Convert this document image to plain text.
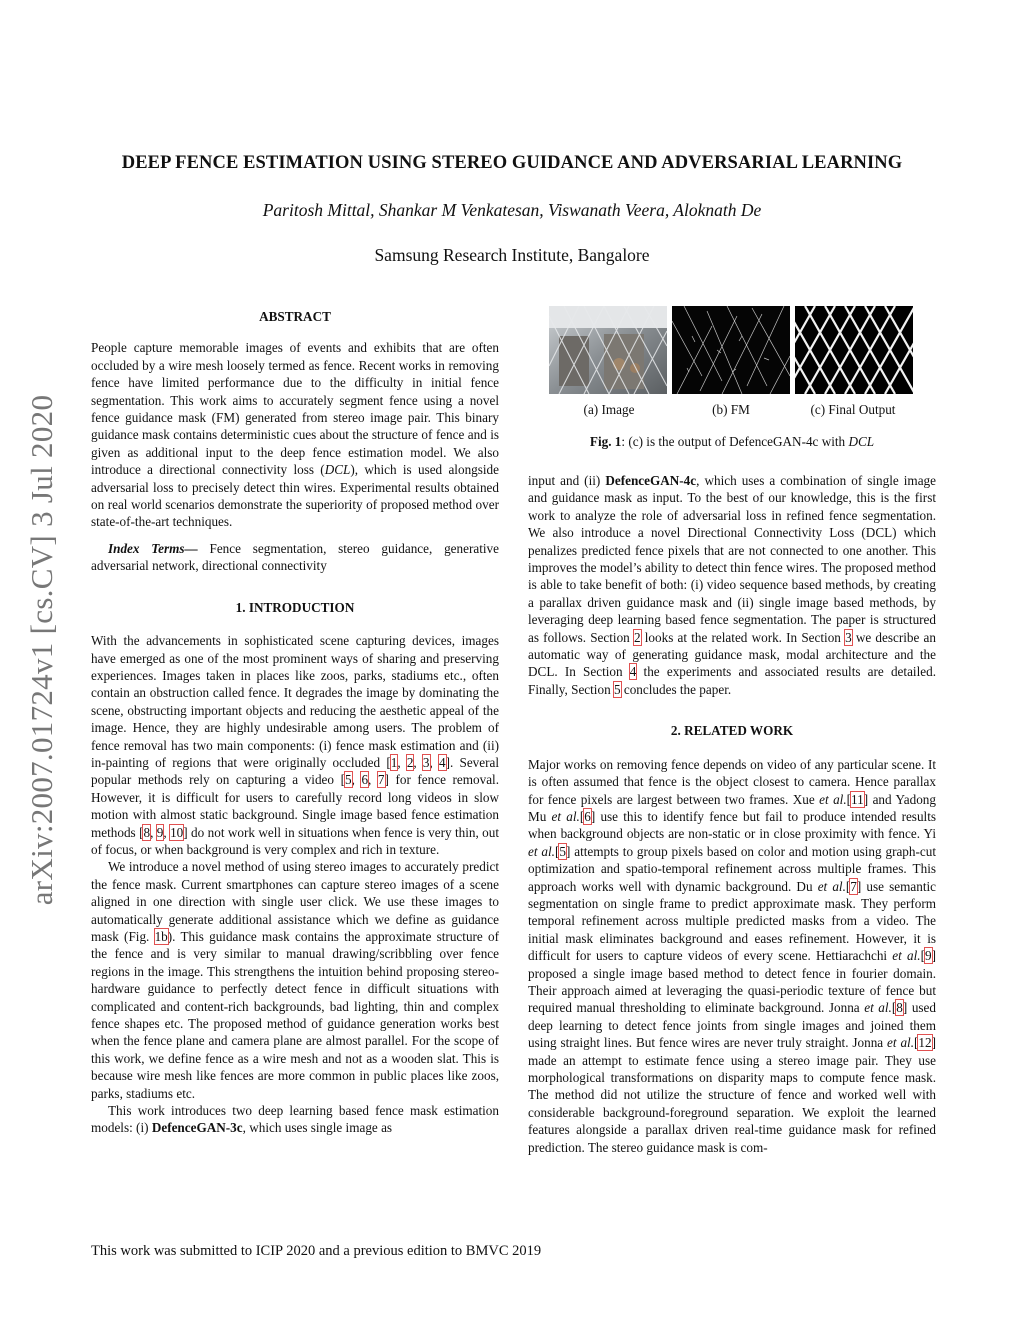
DEEP FENCE ESTIMATION USING STEREO GUIDANCE AND ADVERSARIAL LEARNING
Paritosh Mittal, Shankar M Venkatesan, Viswanath Veera, Aloknath De
Samsung Research Institute, Bangalore
arXiv:2007.01724v1 [cs.CV] 3 Jul 2020

ABSTRACT

People capture memorable images of events and exhibits that are often occluded by a wire mesh loosely termed as fence. Recent works in removing fence have limited performance due to the difficulty in initial fence segmentation. This work aims to accurately segment fence using a novel fence guidance mask (FM) generated from stereo image pair. This binary guidance mask contains deterministic cues about the structure of fence and is given as additional input to the deep fence estimation model. We also introduce a directional connectivity loss (DCL), which is used alongside adversarial loss to precisely detect thin wires. Experimental results obtained on real world scenarios demonstrate the superiority of proposed method over state-of-the-art techniques.

Index Terms— Fence segmentation, stereo guidance, generative adversarial network, directional connectivity

1. INTRODUCTION

With the advancements in sophisticated scene capturing devices, images have emerged as one of the most prominent ways of sharing and preserving experiences. Images taken in places like zoos, parks, stadiums etc., often contain an obstruction called fence. It degrades the image by dominating the scene, obstructing important objects and reducing the aesthetic appeal of the image. Hence, they are highly undesirable among users. The problem of fence removal has two main components: (i) fence mask estimation and (ii) in-painting of regions that were originally occluded [1, 2, 3, 4]. Several popular methods rely on capturing a video [5, 6, 7] for fence removal. However, it is difficult for users to carefully record long videos in slow motion with almost static background. Single image based fence estimation methods [8, 9, 10] do not work well in situations when fence is very thin, out of focus, or when background is very complex and rich in texture.

We introduce a novel method of using stereo images to accurately predict the fence mask. Current smartphones can capture stereo images of a scene aligned in one direction with single user click. We use these images to automatically generate additional assistance which we define as guidance mask (Fig. 1b). This guidance mask contains the approximate structure of the fence and is very similar to manual drawing/scribbling over fence regions in the image. This strengthens the intuition behind proposing stereo-hardware guidance to perfectly detect fence in difficult situations with complicated and content-rich backgrounds, bad lighting, thin and complex fence shapes etc. The proposed method of guidance generation works best when the fence plane and camera plane are almost parallel. For the scope of this work, we define fence as a wire mesh and not as a wooden slat. This is because wire mesh like fences are more common in public places like zoos, parks, stadiums etc.

This work introduces two deep learning based fence mask estimation models: (i) DefenceGAN-3c, which uses single image as

(a) Image	(b) FM	(c) Final Output
Fig. 1: (c) is the output of DefenceGAN-4c with DCL

input and (ii) DefenceGAN-4c, which uses a combination of single image and guidance mask as input. To the best of our knowledge, this is the first work to analyze the role of adversarial loss in refined fence segmentation. We also introduce a novel Directional Connectivity Loss (DCL) which penalizes predicted fence pixels that are not connected to one another. This improves the model’s ability to detect thin fence wires. The proposed method is able to take benefit of both: (i) video sequence based methods, by creating a parallax driven guidance mask and (ii) single image based methods, by leveraging deep learning based fence segmentation. The paper is structured as follows. Section 2 looks at the related work. In Section 3 we describe an automatic way of generating guidance mask, modal architecture and the DCL. In Section 4 the experiments and associated results are detailed. Finally, Section 5 concludes the paper.

2. RELATED WORK

Major works on removing fence depends on video of any particular scene. It is often assumed that fence is the object closest to camera. Hence parallax for fence pixels are largest between two frames. Xue et al.[11] and Yadong Mu et al.[6] use this to identify fence but fail to produce intended results when background objects are non-static or in close proximity with fence. Yi et al.[5] attempts to group pixels based on color and motion using graph-cut optimization and spatio-temporal refinement across multiple frames. This approach works well with dynamic background. Du et al.[7] use semantic segmentation on single frame to predict approximate mask. They perform temporal refinement across multiple predicted masks from a video. The initial mask eliminates background and eases refinement. However, it is difficult for users to capture videos of every scene. Hettiarachchi et al.[9] proposed a single image based method to detect fence in fourier domain. Their approach aimed at leveraging the quasi-periodic texture of fence but required manual thresholding to eliminate background. Jonna et al.[8] used deep learning to detect fence joints from single images and joined them using straight lines. But fence wires are never truly straight. Jonna et al.[12] made an attempt to estimate fence using a stereo image pair. They use morphological transformations on disparity maps to compute fence mask. The method did not utilize the structure of fence and worked well with considerable background-foreground separation. We exploit the learned features alongside a parallax driven real-time guidance mask for refined prediction. The stereo guidance mask is com-

This work was submitted to ICIP 2020 and a previous edition to BMVC 2019
